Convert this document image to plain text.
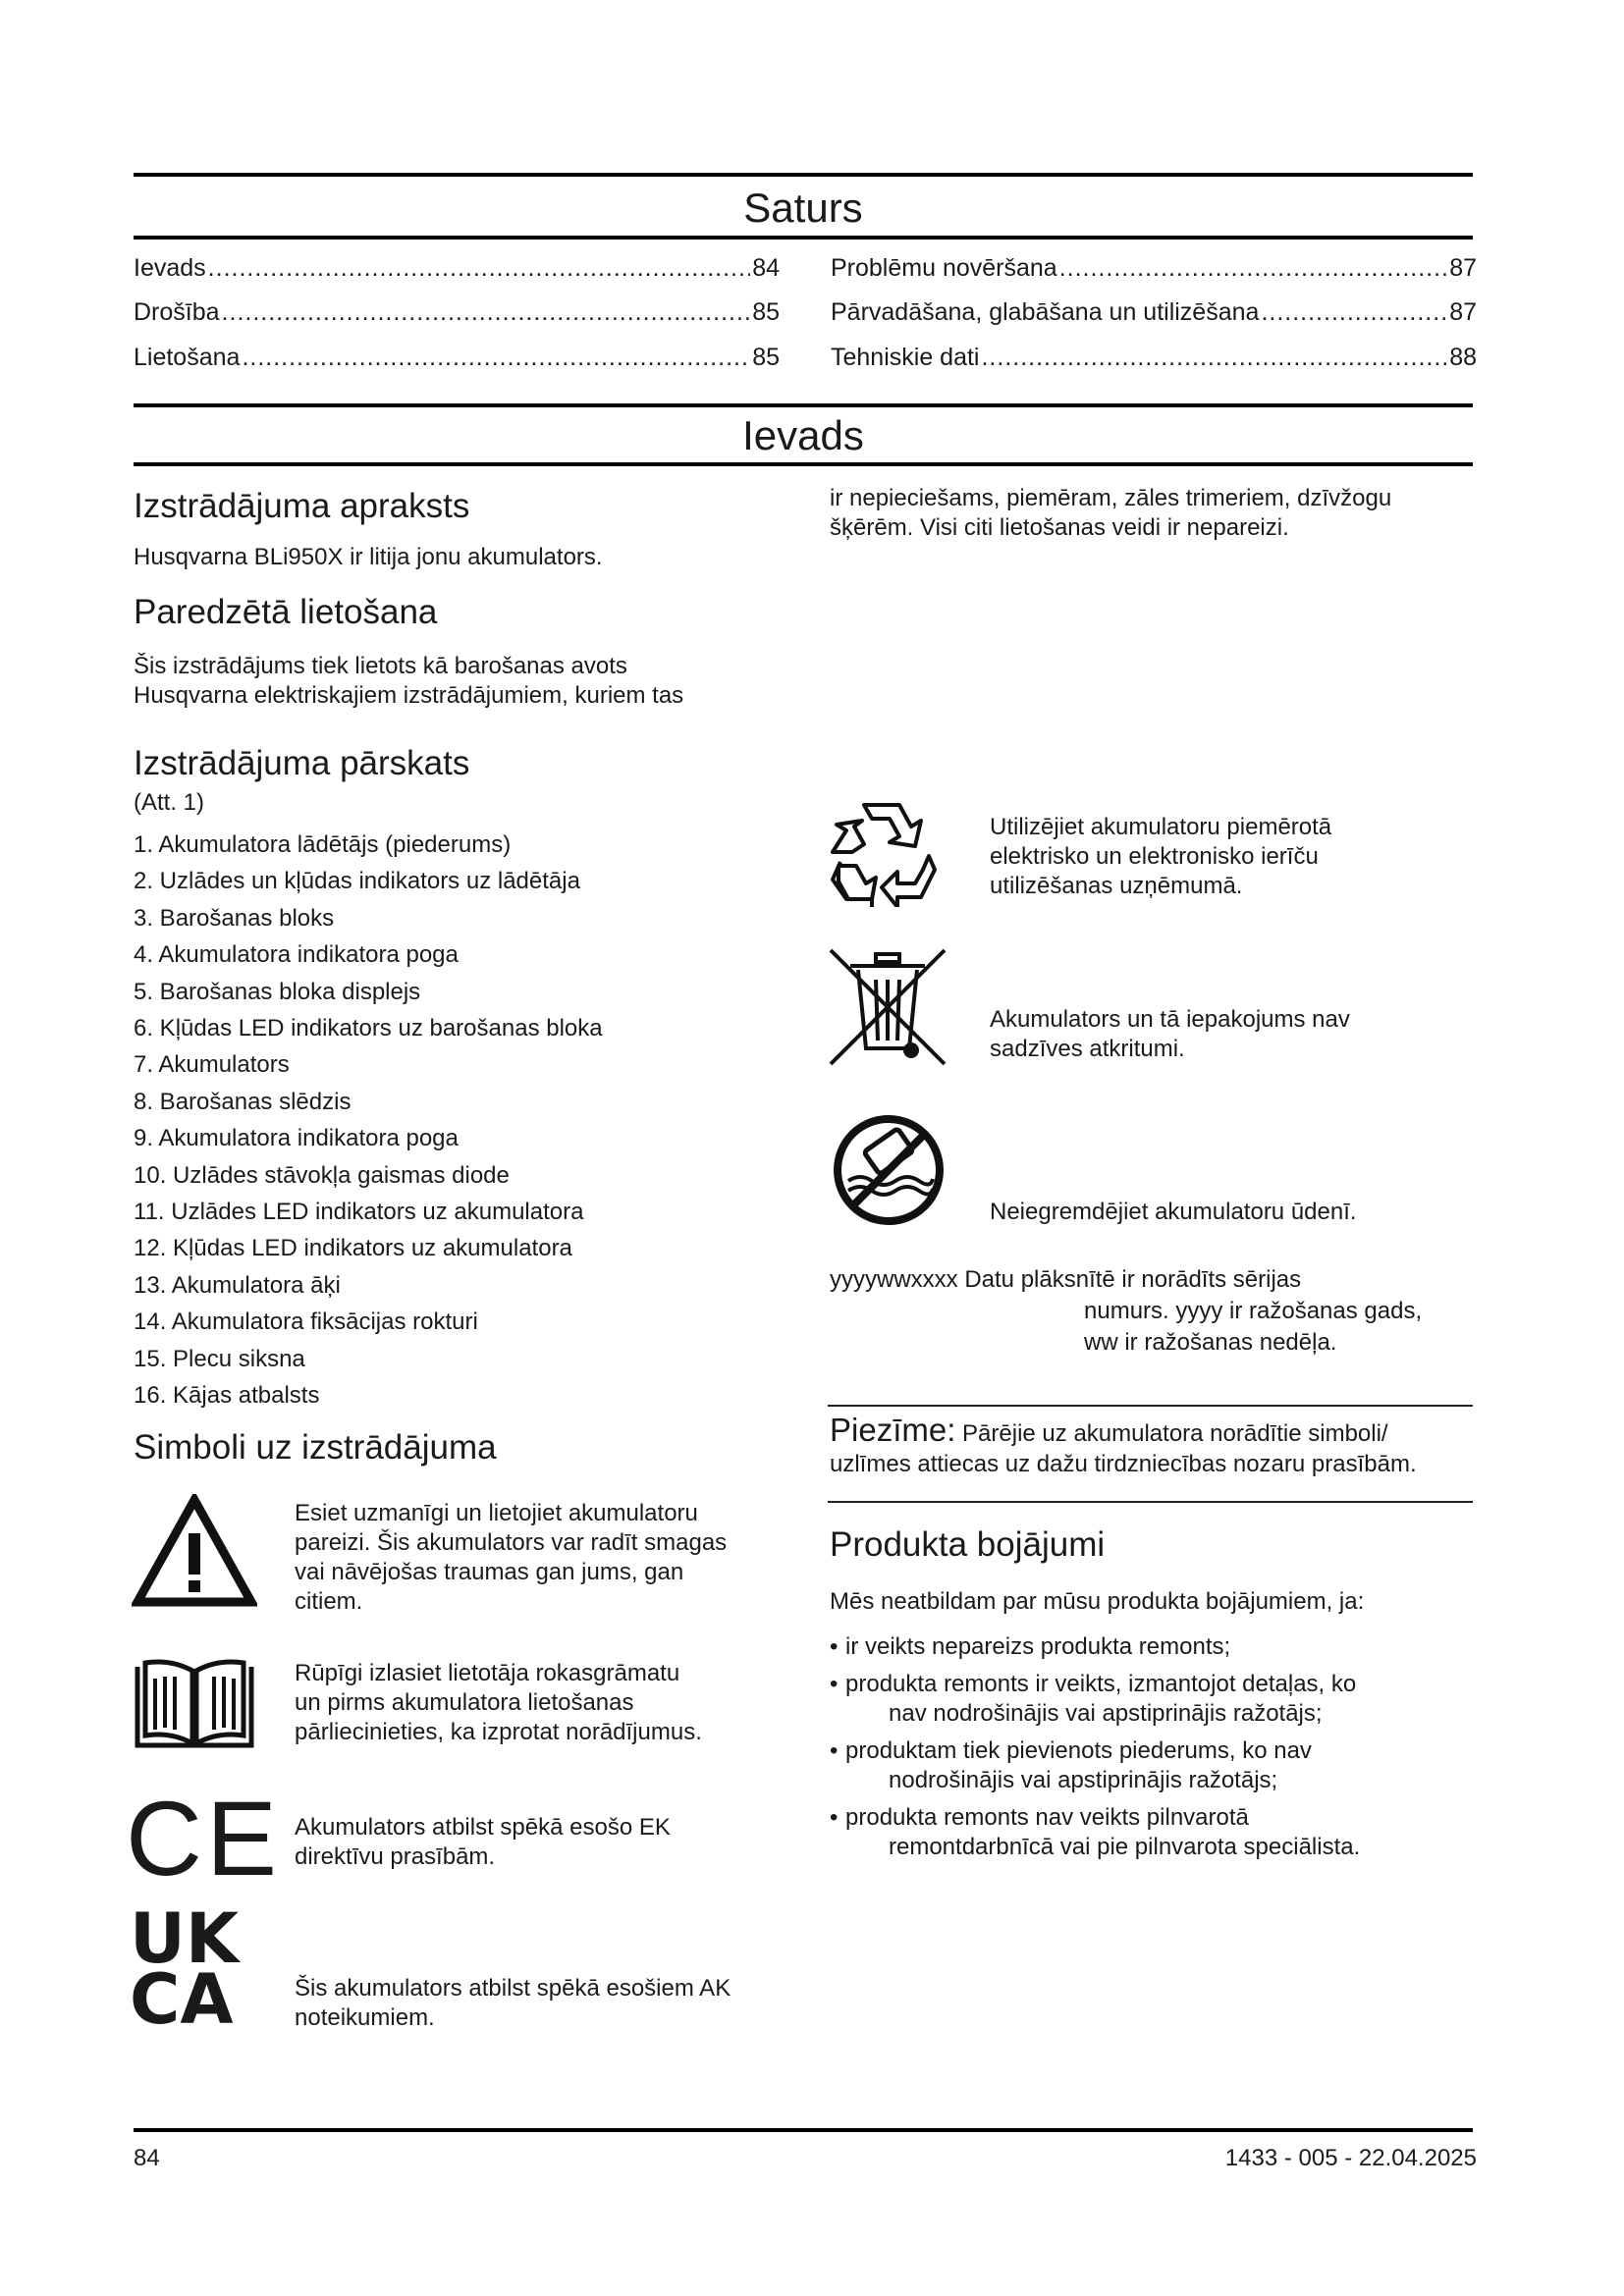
Saturs
Ievads .....	84
Drošība .....	85
Lietošana .....	85
Problēmu novēršana .....	87
Pārvadāšana, glabāšana un utilizēšana .....	87
Tehniskie dati .....	88
Ievads
Izstrādājuma apraksts

Husqvarna BLi950X ir litija jonu akumulators.

Paredzētā lietošana

Šis izstrādājums tiek lietots kā barošanas avots

Husqvarna elektriskajiem izstrādājumiem, kuriem tas

ir nepieciešams, piemēram, zāles trimeriem, dzīvžogu

šķērēm. Visi citi lietošanas veidi ir nepareizi.

Izstrādājuma pārskats

(Att. 1)

1. Akumulatora lādētājs (piederums)
2. Uzlādes un kļūdas indikators uz lādētāja
3. Barošanas bloks
4. Akumulatora indikatora poga
5. Barošanas bloka displejs
6. Kļūdas LED indikators uz barošanas bloka
7. Akumulators
8. Barošanas slēdzis
9. Akumulatora indikatora poga
10. Uzlādes stāvokļa gaismas diode
11. Uzlādes LED indikators uz akumulatora
12. Kļūdas LED indikators uz akumulatora
13. Akumulatora āķi
14. Akumulatora fiksācijas rokturi
15. Plecu siksna
16. Kājas atbalsts
Simboli uz izstrādājuma
Esiet uzmanīgi un lietojiet akumulatoru
pareizi. Šis akumulators var radīt smagas
vai nāvējošas traumas gan jums, gan
citiem.
Rūpīgi izlasiet lietotāja rokasgrāmatu
un pirms akumulatora lietošanas
pārliecinieties, ka izprotat norādījumus.
CE Akumulators atbilst spēkā esošo EK
direktīvu prasībām.
UK
CA	Šis akumulators atbilst spēkā esošiem AK
noteikumiem.
Utilizējiet akumulatoru piemērotā
elektrisko un elektronisko ierīču
utilizēšanas uzņēmumā.
Akumulators un tā iepakojums nav
sadzīves atkritumi.
Neiegremdējiet akumulatoru ūdenī.

yyyywwxxxx Datu plāksnītē ir norādīts sērijas

numurs. yyyy ir ražošanas gads,

ww ir ražošanas nedēļa.

Piezīme: Pārējie uz akumulatora norādītie simboli/
uzlīmes attiecas uz dažu tirdzniecības nozaru prasībām.
Produkta bojājumi

Mēs neatbildam par mūsu produkta bojājumiem, ja:

• ir veikts nepareizs produkta remonts;
• produkta remonts ir veikts, izmantojot detaļas, ko
nav nodrošinājis vai apstiprinājis ražotājs;
• produktam tiek pievienots piederums, ko nav
nodrošinājis vai apstiprinājis ražotājs;
• produkta remonts nav veikts pilnvarotā
remontdarbnīcā vai pie pilnvarota speciālista.
84	1433 - 005 - 22.04.2025
